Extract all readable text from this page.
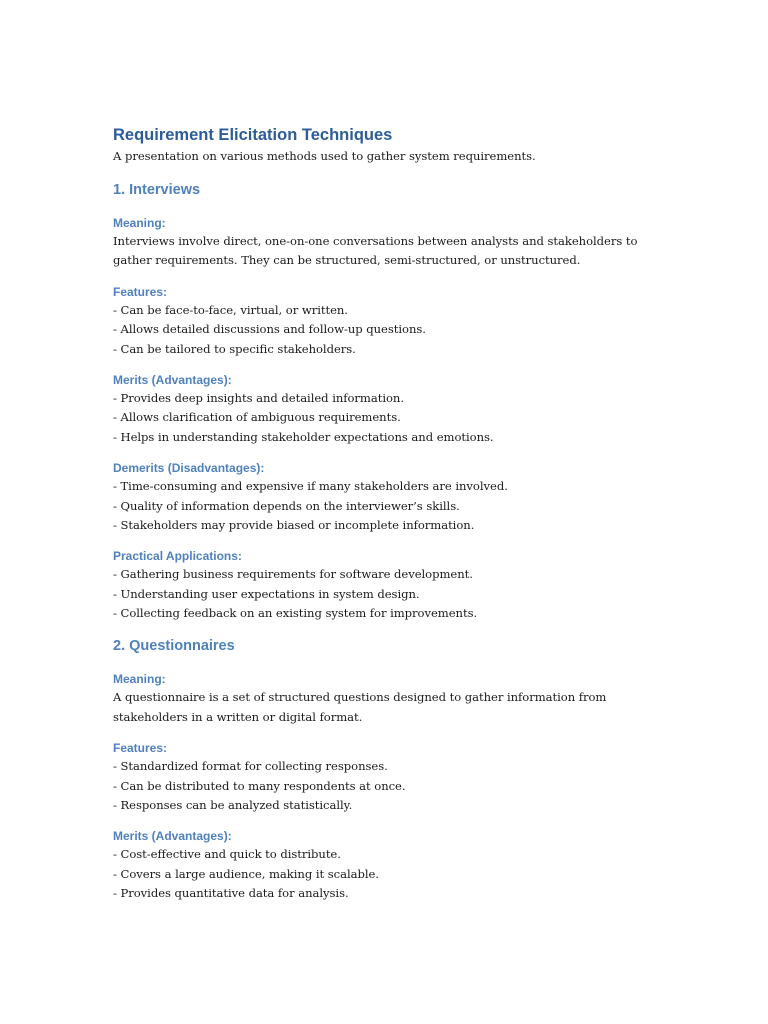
Requirement Elicitation Techniques

A presentation on various methods used to gather system requirements.

1. Interviews
Meaning:

Interviews involve direct, one-on-one conversations between analysts and stakeholders to

gather requirements. They can be structured, semi-structured, or unstructured.

Features:

- Can be face-to-face, virtual, or written.

- Allows detailed discussions and follow-up questions.

- Can be tailored to specific stakeholders.

Merits (Advantages):

- Provides deep insights and detailed information.

- Allows clarification of ambiguous requirements.

- Helps in understanding stakeholder expectations and emotions.

Demerits (Disadvantages):

- Time-consuming and expensive if many stakeholders are involved.

- Quality of information depends on the interviewer’s skills.

- Stakeholders may provide biased or incomplete information.

Practical Applications:

- Gathering business requirements for software development.

- Understanding user expectations in system design.

- Collecting feedback on an existing system for improvements.

2. Questionnaires
Meaning:

A questionnaire is a set of structured questions designed to gather information from

stakeholders in a written or digital format.

Features:

- Standardized format for collecting responses.

- Can be distributed to many respondents at once.

- Responses can be analyzed statistically.

Merits (Advantages):

- Cost-effective and quick to distribute.

- Covers a large audience, making it scalable.

- Provides quantitative data for analysis.
